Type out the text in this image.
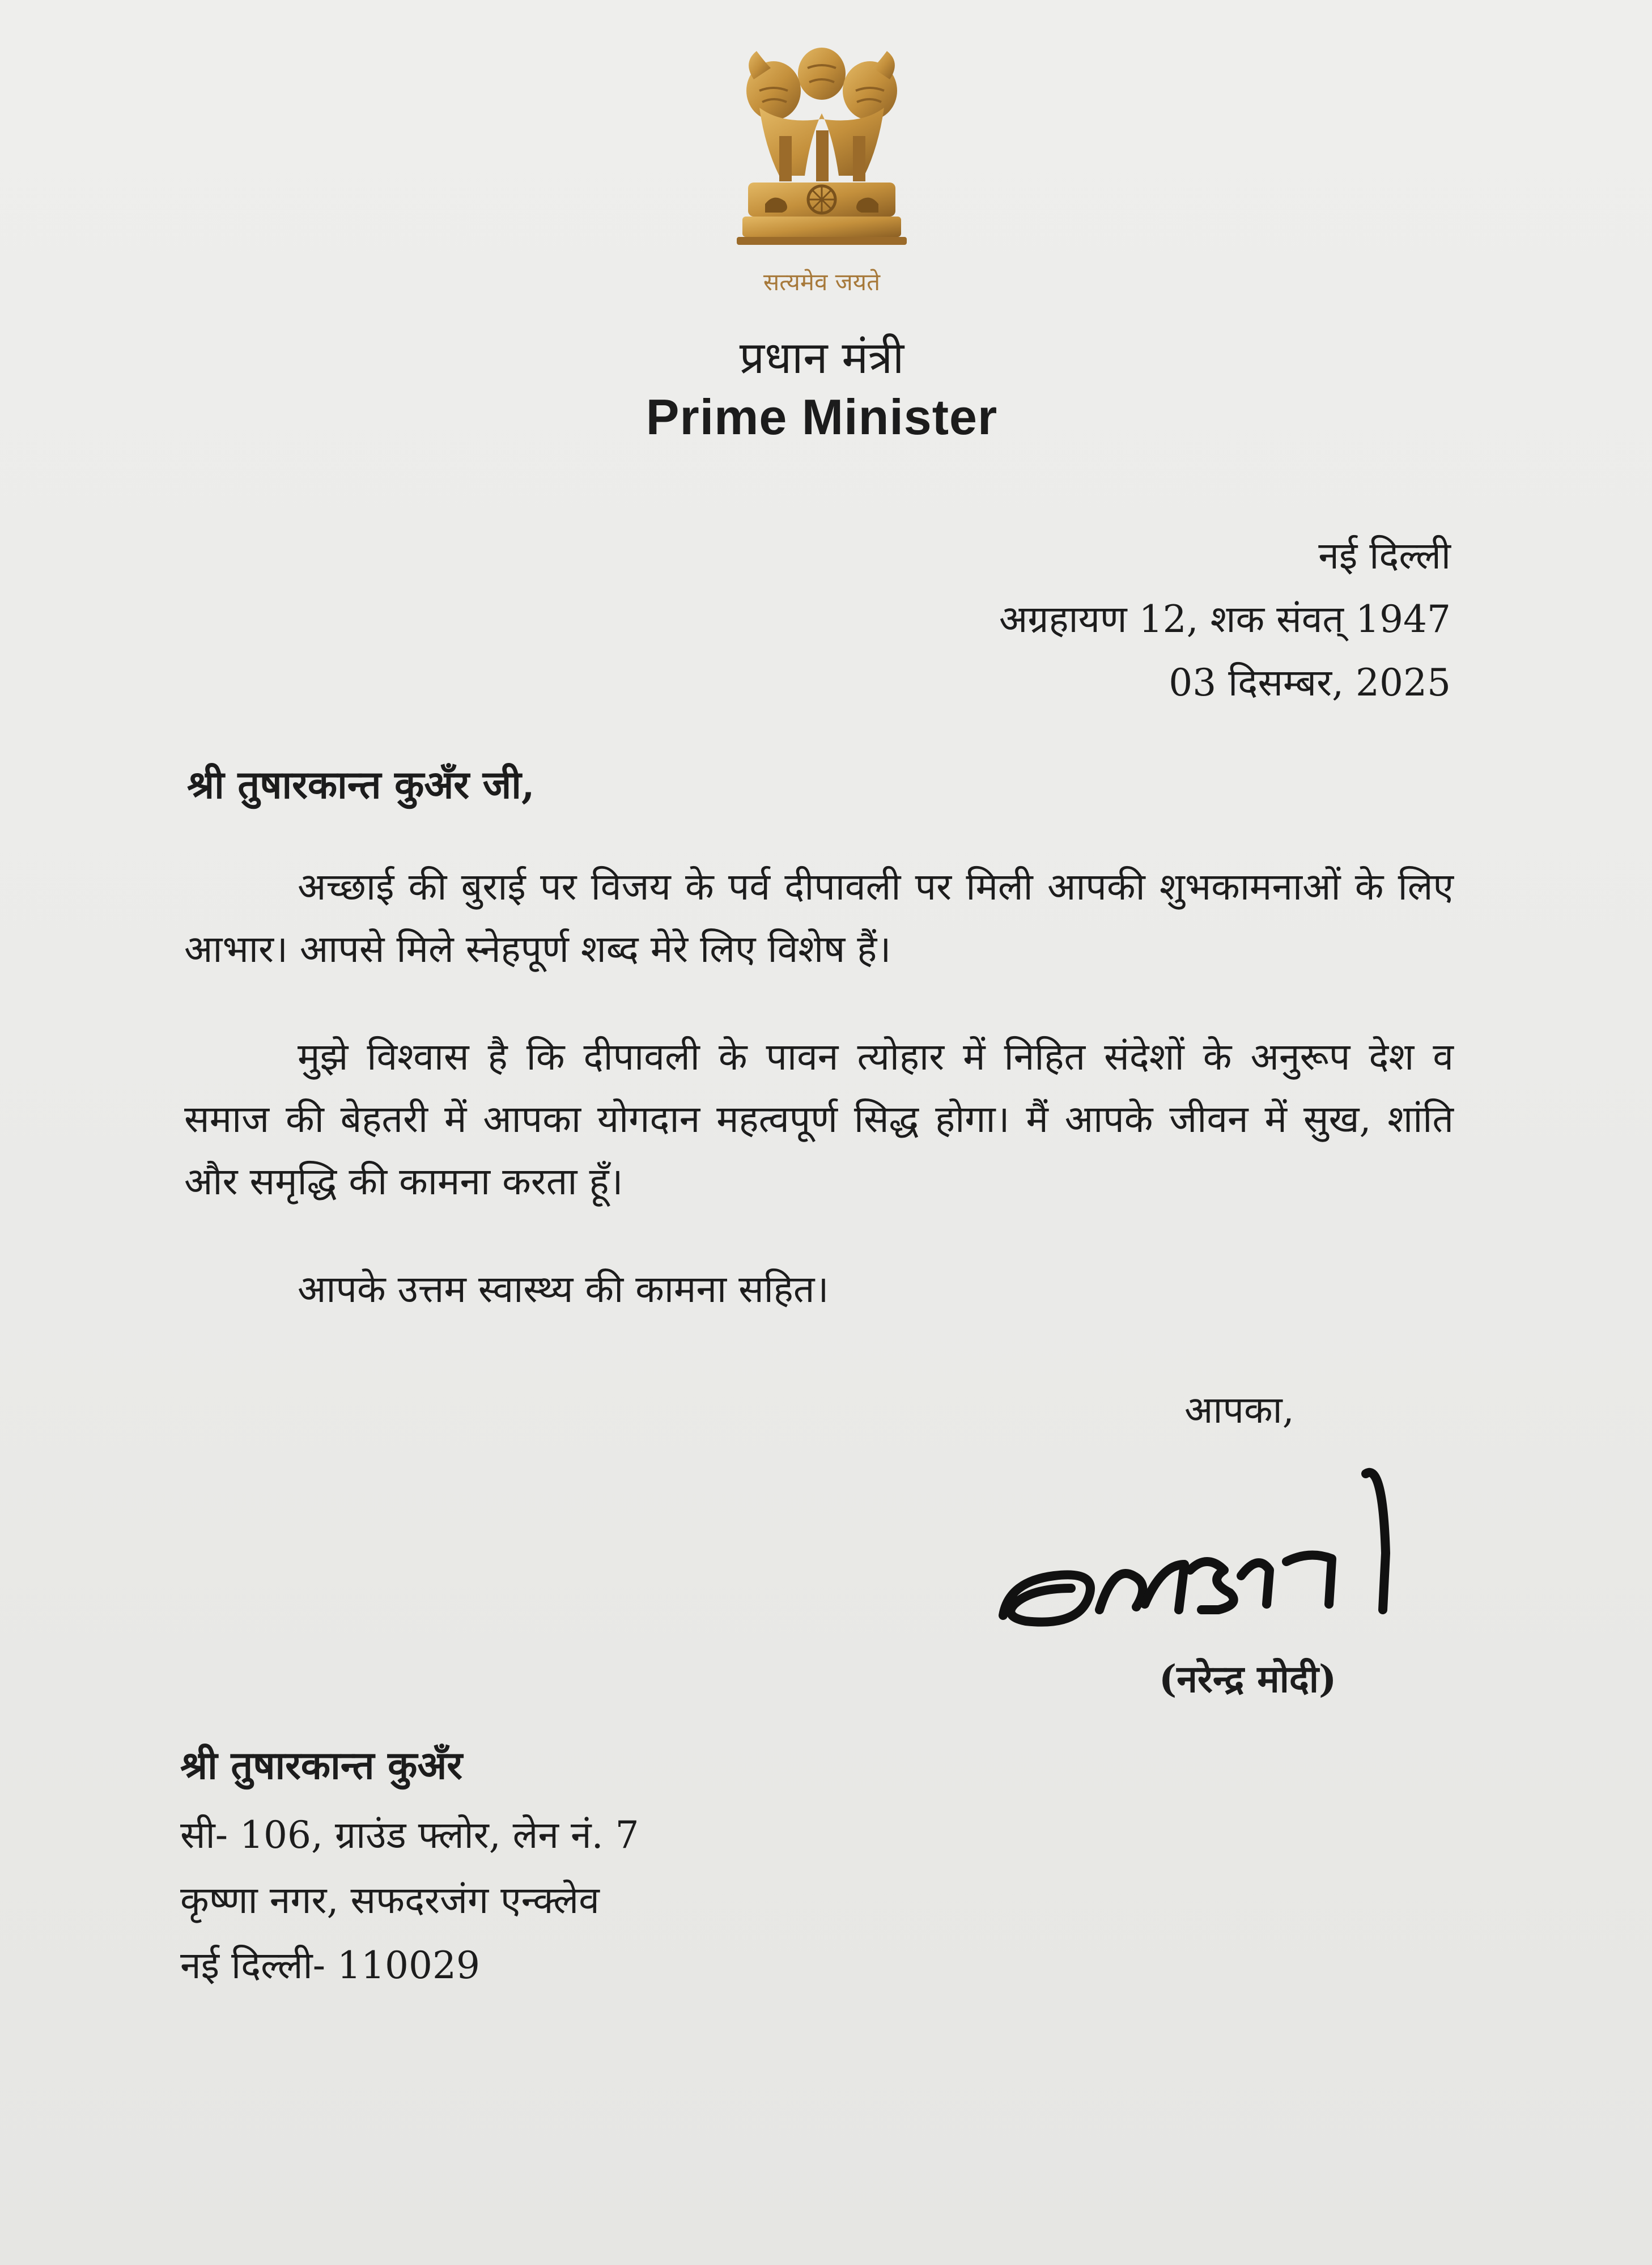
सत्यमेव जयते
प्रधान मंत्री
Prime Minister
नई दिल्ली
अग्रहायण 12, शक संवत् 1947
03 दिसम्बर, 2025
श्री तुषारकान्त कुअँर जी,

अच्छाई की बुराई पर विजय के पर्व दीपावली पर मिली आपकी शुभकामनाओं के लिए आभार। आपसे मिले स्नेहपूर्ण शब्द मेरे लिए विशेष हैं।

मुझे विश्वास है कि दीपावली के पावन त्योहार में निहित संदेशों के अनुरूप देश व समाज की बेहतरी में आपका योगदान महत्वपूर्ण सिद्ध होगा। मैं आपके जीवन में सुख, शांति और समृद्धि की कामना करता हूँ।

आपके उत्तम स्वास्थ्य की कामना सहित।

आपका,
(नरेन्द्र मोदी)
श्री तुषारकान्त कुअँर
सी- 106, ग्राउंड फ्लोर, लेन नं. 7
कृष्णा नगर, सफदरजंग एन्क्लेव
नई दिल्ली- 110029
